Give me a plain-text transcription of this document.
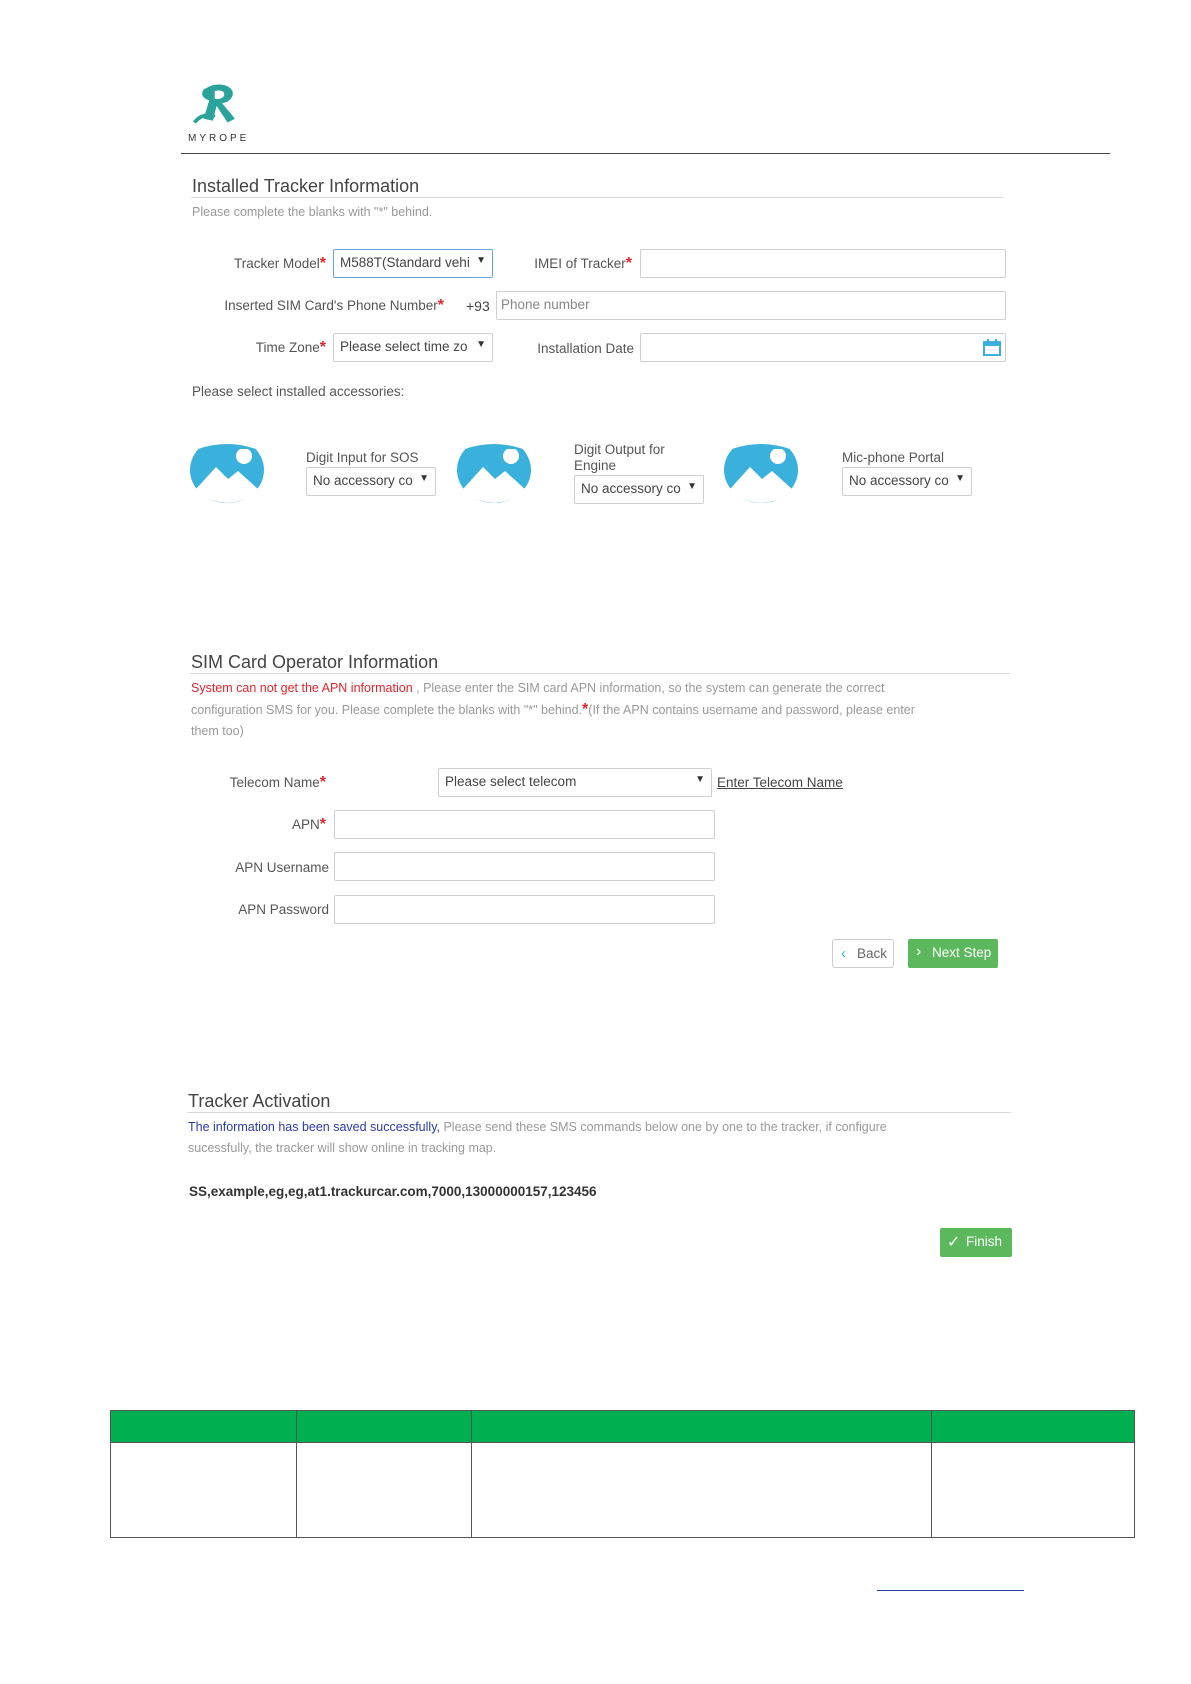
MYROPE
Installed Tracker Information
Please complete the blanks with "*" behind.
Tracker Model*	M588T(Standard vehi ▼	IMEI of Tracker*
Inserted SIM Card's Phone Number* +93 Phone number
Time Zone*	Please select time zo ▼	Installation Date
Please select installed accessories:
Digit Input for SOS
No accessory co ▼
Digit Output for Engine
No accessory co ▼
Mic-phone Portal
No accessory co ▼
SIM Card Operator Information
System can not get the APN information , Please enter the SIM card APN information, so the system can generate the correct
configuration SMS for you. Please complete the blanks with "*" behind.*(If the APN contains username and password, please enter
them too)
Telecom Name*	Please select telecom	▼ Enter Telecom Name
APN*
APN Username
APN Password
‹ Back › Next Step
Tracker Activation
The information has been saved successfully, Please send these SMS commands below one by one to the tracker, if configure
sucessfully, the tracker will show online in tracking map.
SS,example,eg,eg,at1.trackurcar.com,7000,13000000157,123456
✓ Finish
